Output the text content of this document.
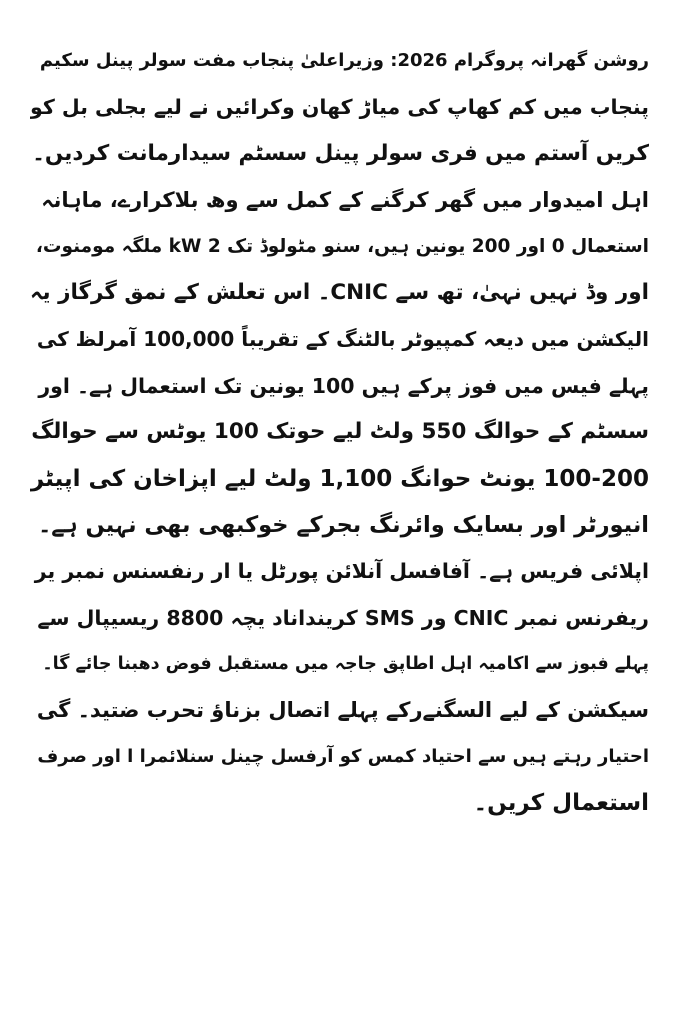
روشن گھرانہ پروگرام 2026: وزیراعلیٰ پنجاب مفت سولر پینل سکیم
پنجاب میں کم کھاپ کی میاڑ کھان وکرائیں نے لیے بجلی بل کو
کریں آستم میں فری سولر پینل سسٹم سیدارمانت کردیں۔
اہل امیدوار میں گھر کرگنے کے کمل سے وھ بلاکرارے، ماہانہ
استعمال 0 اور 200 یونین ہیں، سنو مٹولوڈ تک 2 kW ملگہ مومنوت،
اور وڈ نہیں نہیٰ، تھ سے CNIC۔ اس تعلش کے نمق گرگاز یہ
الیکشن میں دیعہ کمپیوٹر بالٹنگ کے تقریباً 100,000 آمرلظ کی
پہلے فیس میں فوز پرکے ہیں 100 یونین تک استعمال ہے۔ اور
سسٹم کے حوالگ 550 ولٹ لیے حوتک 100 یوٹس سے حوالگ
100-200 یونٹ حوانگ 1,100 ولٹ لیے اپزاخان کی اپیٹر
انیورٹر اور بسایک وائرنگ بجرکے خوکبھی بھی نہیں ہے۔
اپلائی فریس ہے۔ آفافسل آنلائن پورٹل یا ار رنفسنس نمبر یر
ریفرنس نمبر CNIC ور SMS کرینداناد یچہ 8800 ریسیپال سے
پہلے فبوز سے اکامیہ اہل اطاپق جاجہ میں مستقبل فوض دھبنا جائے گا۔
سیکشن کے لیے السگنےرکے پہلے اتصال بزناؤ تحرب ضتید۔ گی
احتیار رہتے ہیں سے احتیاد کمس کو آرفسل چینل سنلائمرا ا اور صرف
استعمال کریں۔
